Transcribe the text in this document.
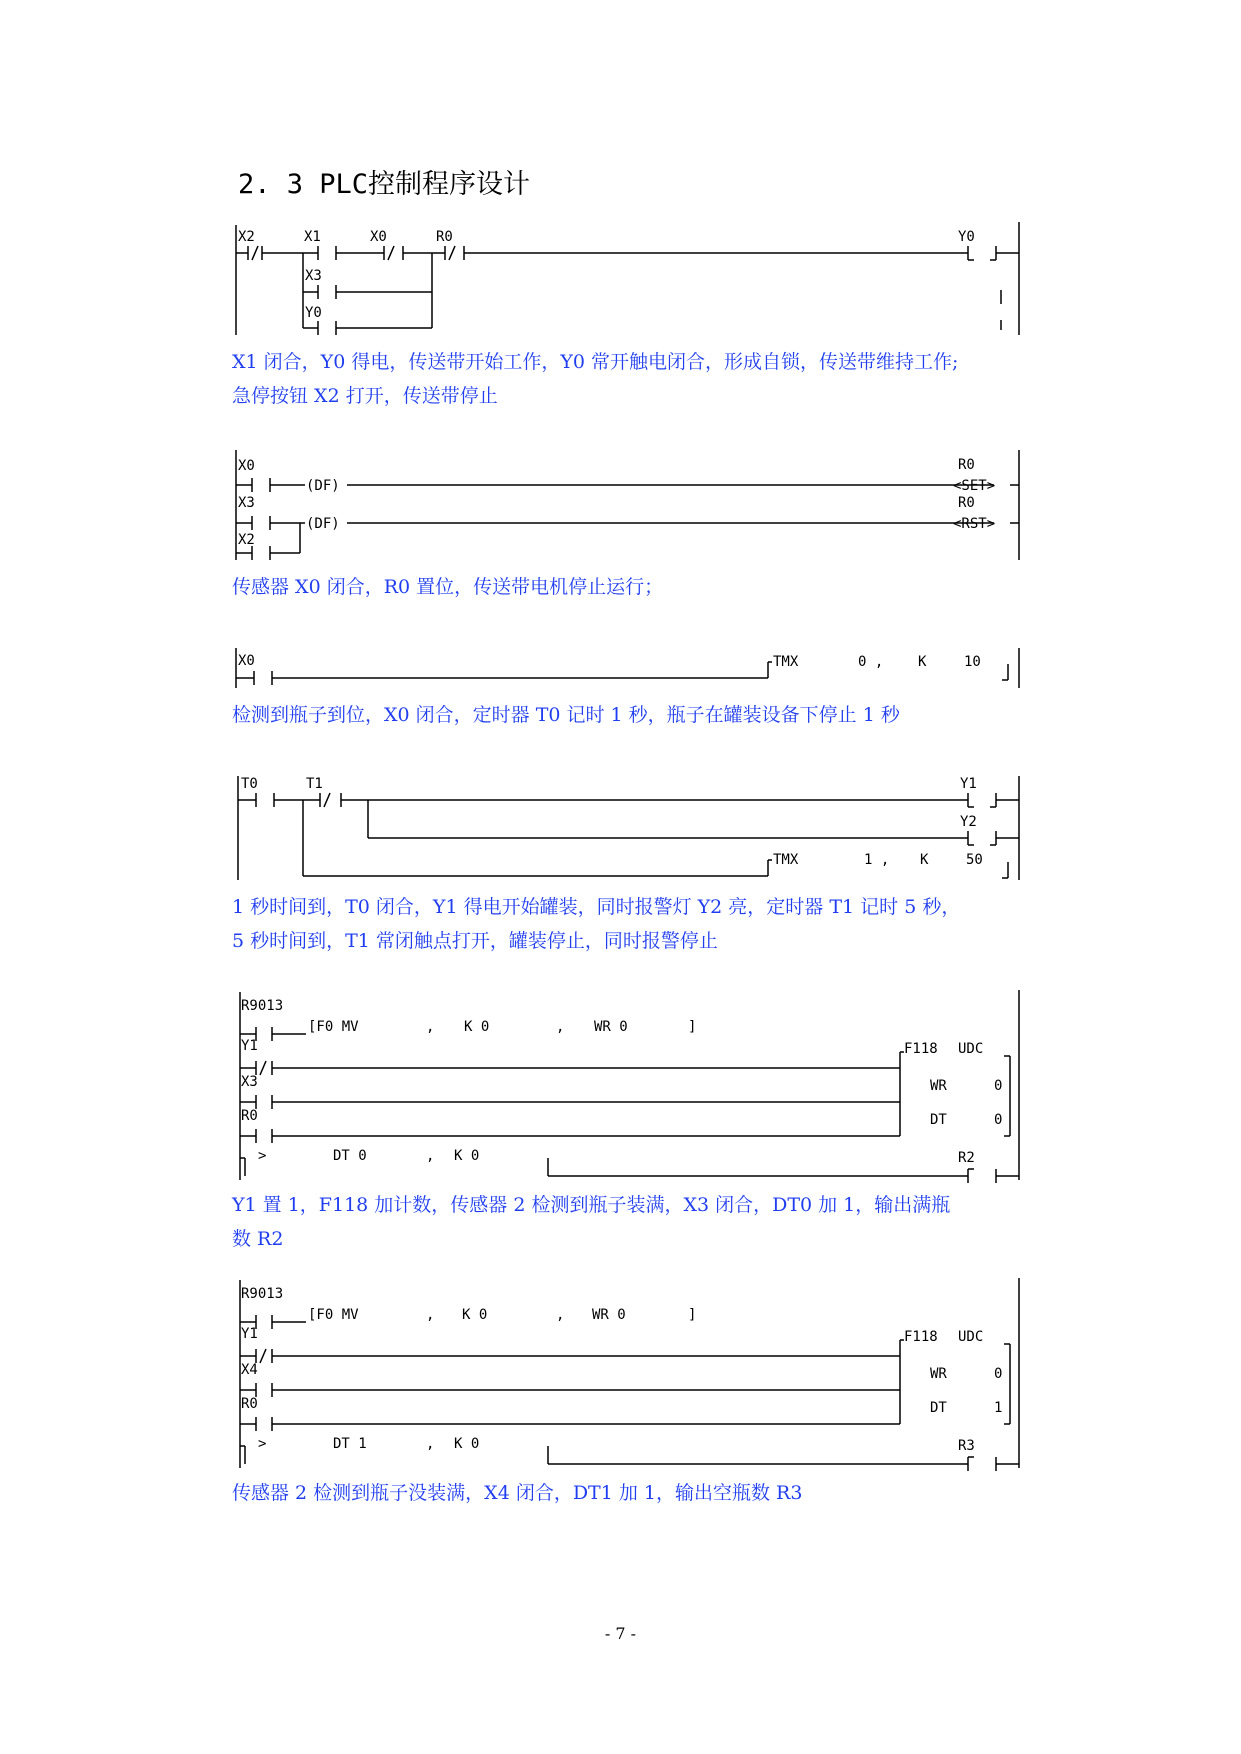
2. 3 PLC控制程序设计
X2	X1	X0	R0
X3
Y0
Y0
X0
X3
X2
(DF)
(DF)
R0
<SET>
R0
<RST>
X0	TMX	0 , K	10
T0	T1	Y1
Y2
TMX	1 , K	50
R9013
[F0 MV	, K 0	, WR 0	]
Y1
X3
R0
>	DT 0	, K 0
F118 UDC
WR	0
DT	0
R2
R9013
[F0 MV	, K 0	, WR 0	]
Y1
X4
R0
>	DT 1	, K 0
F118 UDC
WR	0
DT	1
R3

X1 闭合，Y0 得电，传送带开始工作，Y0 常开触电闭合，形成自锁，传送带维持工作;
急停按钮 X2 打开，传送带停止

传感器 X0 闭合，R0 置位，传送带电机停止运行；

检测到瓶子到位，X0 闭合，定时器 T0 记时 1 秒，瓶子在罐装设备下停止 1 秒

1 秒时间到，T0 闭合，Y1 得电开始罐装，同时报警灯 Y2 亮，定时器 T1 记时 5 秒，
5 秒时间到，T1 常闭触点打开，罐装停止，同时报警停止

Y1 置 1，F118 加计数，传感器 2 检测到瓶子装满，X3 闭合，DT0 加 1，输出满瓶
数 R2

传感器 2 检测到瓶子没装满，X4 闭合，DT1 加 1，输出空瓶数 R3

- 7 -
